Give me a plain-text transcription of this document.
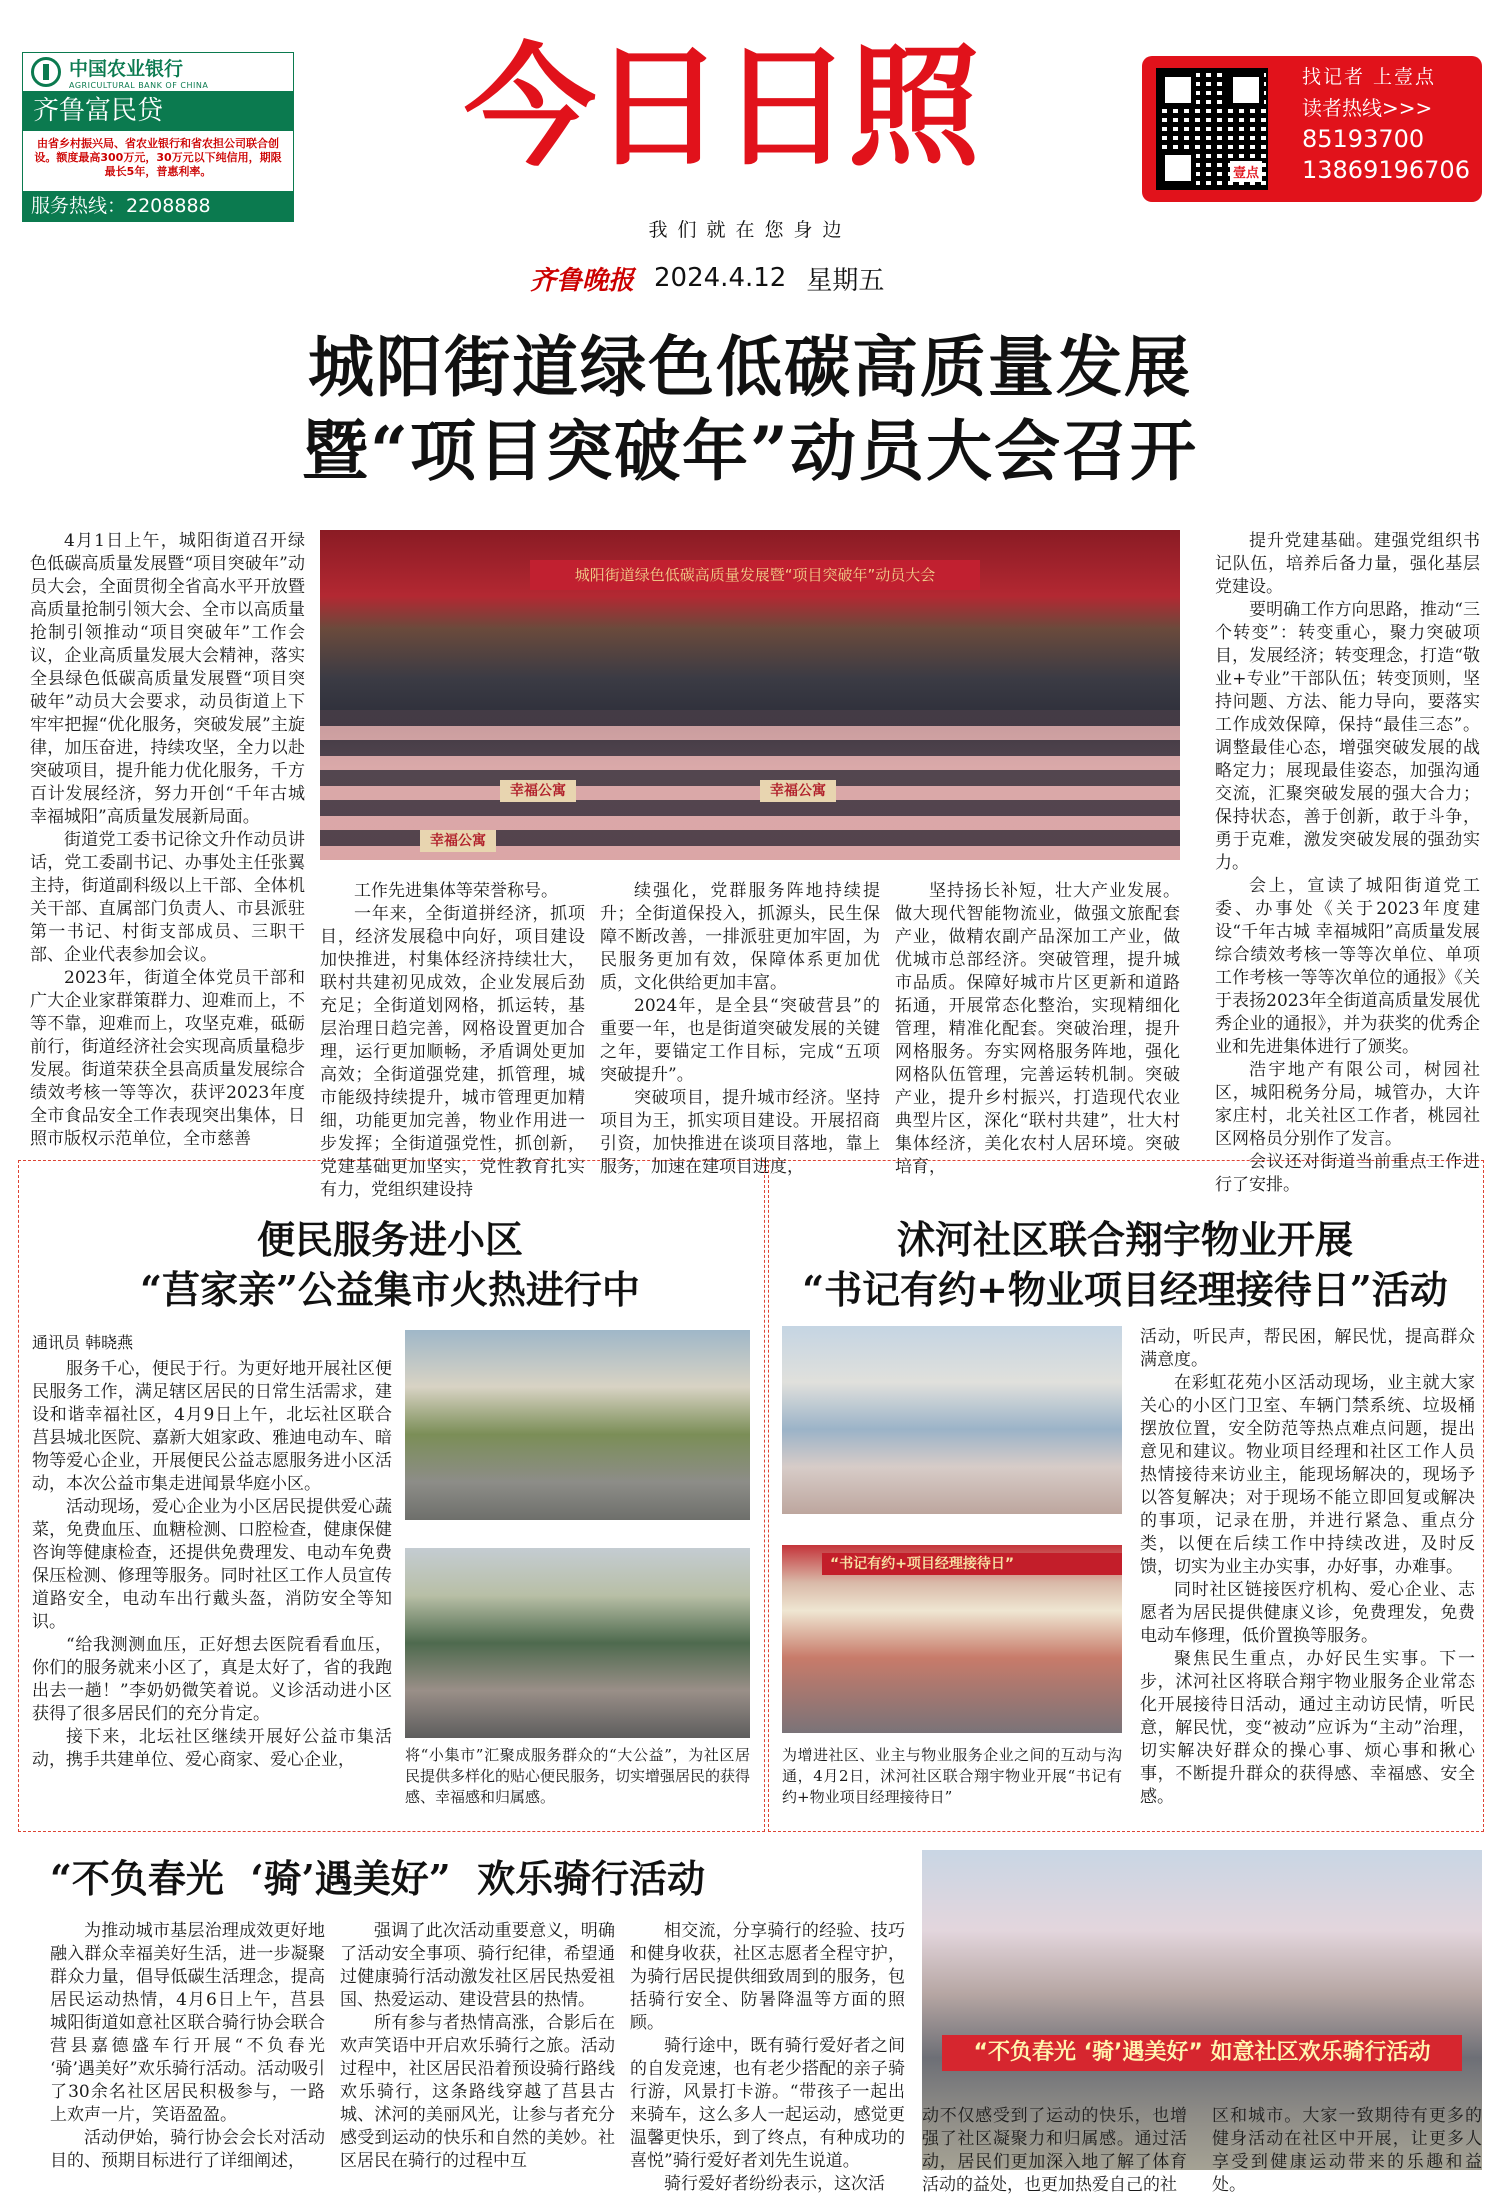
中国农业银行
AGRICULTURAL BANK OF CHINA
齐鲁富民贷
由省乡村振兴局、省农业银行和省农担公司联合创设。额度最高300万元，30万元以下纯信用，期限最长5年，普惠利率。
服务热线：2208888
今日日照
我们就在您身边
齐鲁晚报 2024.4.12 星期五
壹点
找记者 上壹点
读者热线>>>
85193700
13869196706
城阳街道绿色低碳高质量发展
暨“项目突破年”动员大会召开

4月1日上午，城阳街道召开绿色低碳高质量发展暨“项目突破年”动员大会，全面贯彻全省高水平开放暨高质量抢制引领大会、全市以高质量抢制引领推动“项目突破年”工作会议，企业高质量发展大会精神，落实全县绿色低碳高质量发展暨“项目突破年”动员大会要求，动员街道上下牢牢把握“优化服务，突破发展”主旋律，加压奋进，持续攻坚，全力以赴突破项目，提升能力优化服务，千方百计发展经济，努力开创“千年古城 幸福城阳”高质量发展新局面。

街道党工委书记徐文升作动员讲话，党工委副书记、办事处主任张翼主持，街道副科级以上干部、全体机关干部、直属部门负责人、市县派驻第一书记、村街支部成员、三职干部、企业代表参加会议。

2023年，街道全体党员干部和广大企业家群策群力、迎难而上，不等不靠，迎难而上，攻坚克难，砥砺前行，街道经济社会实现高质量稳步发展。街道荣获全县高质量发展综合绩效考核一等等次，获评2023年度全市食品安全工作表现突出集体，日照市版权示范单位，全市慈善

城阳街道绿色低碳高质量发展暨“项目突破年”动员大会
幸福公寓	幸福公寓
幸福公寓

工作先进集体等荣誉称号。

一年来，全街道拼经济，抓项目，经济发展稳中向好，项目建设加快推进，村集体经济持续壮大，联村共建初见成效，企业发展后劲充足；全街道划网格，抓运转，基层治理日趋完善，网格设置更加合理，运行更加顺畅，矛盾调处更加高效；全街道强党建，抓管理，城市能级持续提升，城市管理更加精细，功能更加完善，物业作用进一步发挥；全街道强党性，抓创新，党建基础更加坚实，党性教育扎实有力，党组织建设持

续强化，党群服务阵地持续提升；全街道保投入，抓源头，民生保障不断改善，一排派驻更加牢固，为民服务更加有效，保障体系更加优质，文化供给更加丰富。

2024年，是全县“突破营县”的重要一年，也是街道突破发展的关键之年，要锚定工作目标，完成“五项突破提升”。

突破项目，提升城市经济。坚持项目为王，抓实项目建设。开展招商引资，加快推进在谈项目落地，靠上服务，加速在建项目进度，

坚持扬长补短，壮大产业发展。做大现代智能物流业，做强文旅配套产业，做精农副产品深加工产业，做优城市总部经济。突破管理，提升城市品质。保障好城市片区更新和道路拓通，开展常态化整治，实现精细化管理，精准化配套。突破治理，提升网格服务。夯实网格服务阵地，强化网格队伍管理，完善运转机制。突破产业，提升乡村振兴，打造现代农业典型片区，深化“联村共建”，壮大村集体经济，美化农村人居环境。突破培育，

提升党建基础。建强党组织书记队伍，培养后备力量，强化基层党建设。

要明确工作方向思路，推动“三个转变”：转变重心，聚力突破项目，发展经济；转变理念，打造“敬业+专业”干部队伍；转变顶则，坚持问题、方法、能力导向，要落实工作成效保障，保持“最佳三态”。调整最佳心态，增强突破发展的战略定力；展现最佳姿态，加强沟通交流，汇聚突破发展的强大合力；保持状态，善于创新，敢于斗争，勇于克难，激发突破发展的强劲实力。

会上，宣读了城阳街道党工委、办事处《关于2023年度建设“千年古城 幸福城阳”高质量发展综合绩效考核一等等次单位、单项工作考核一等等次单位的通报》《关于表扬2023年全街道高质量发展优秀企业的通报》，并为获奖的优秀企业和先进集体进行了颁奖。

浩宇地产有限公司，树园社区，城阳税务分局，城管办，大许家庄村，北关社区工作者，桃园社区网格员分别作了发言。

会议还对街道当前重点工作进行了安排。

便民服务进小区
“莒家亲”公益集市火热进行中
通讯员 韩晓燕

服务千心，便民于行。为更好地开展社区便民服务工作，满足辖区居民的日常生活需求，建设和谐幸福社区，4月9日上午，北坛社区联合莒县城北医院、嘉新大姐家政、雅迪电动车、暗物等爱心企业，开展便民公益志愿服务进小区活动，本次公益市集走进闻景华庭小区。

活动现场，爱心企业为小区居民提供爱心蔬菜，免费血压、血糖检测、口腔检查，健康保健咨询等健康检查，还提供免费理发、电动车免费保压检测、修理等服务。同时社区工作人员宣传道路安全，电动车出行戴头盔，消防安全等知识。

“给我测测血压，正好想去医院看看血压，你们的服务就来小区了，真是太好了，省的我跑出去一趟！”李奶奶微笑着说。义诊活动进小区获得了很多居民们的充分肯定。

接下来，北坛社区继续开展好公益市集活动，携手共建单位、爱心商家、爱心企业，	将“小集市”汇聚成服务群众的“大公益”，为社区居民提供多样化的贴心便民服务，切实增强居民的获得感、幸福感和归属感。
沭河社区联合翔宇物业开展
“书记有约+物业项目经理接待日”活动
“书记有约+项目经理接待日”
为增进社区、业主与物业服务企业之间的互动与沟通，4月2日，沭河社区联合翔宇物业开展“书记有约+物业项目经理接待日”

活动，听民声，帮民困，解民忧，提高群众满意度。

在彩虹花苑小区活动现场，业主就大家关心的小区门卫室、车辆门禁系统、垃圾桶摆放位置，安全防范等热点难点问题，提出意见和建议。物业项目经理和社区工作人员热情接待来访业主，能现场解决的，现场予以答复解决；对于现场不能立即回复或解决的事项，记录在册，并进行紧急、重点分类，以便在后续工作中持续改进，及时反馈，切实为业主办实事，办好事，办难事。

同时社区链接医疗机构、爱心企业、志愿者为居民提供健康义诊，免费理发，免费电动车修理，低价置换等服务。

聚焦民生重点，办好民生实事。下一步，沭河社区将联合翔宇物业服务企业常态化开展接待日活动，通过主动访民情，听民意，解民忧，变“被动”应诉为“主动”治理，切实解决好群众的操心事、烦心事和揪心事，不断提升群众的获得感、幸福感、安全感。

“不负春光  ‘骑’遇美好”  欢乐骑行活动

为推动城市基层治理成效更好地融入群众幸福美好生活，进一步凝聚群众力量，倡导低碳生活理念，提高居民运动热情，4月6日上午，莒县城阳街道如意社区联合骑行协会联合营县嘉德盛车行开展“不负春光 ‘骑’遇美好”欢乐骑行活动。活动吸引了30余名社区居民积极参与，一路上欢声一片，笑语盈盈。

活动伊始，骑行协会会长对活动目的、预期目标进行了详细阐述，

强调了此次活动重要意义，明确了活动安全事项、骑行纪律，希望通过健康骑行活动激发社区居民热爱祖国、热爱运动、建设营县的热情。

所有参与者热情高涨，合影后在欢声笑语中开启欢乐骑行之旅。活动过程中，社区居民沿着预设骑行路线欢乐骑行，这条路线穿越了莒县古城、沭河的美丽风光，让参与者充分感受到运动的快乐和自然的美妙。社区居民在骑行的过程中互

相交流，分享骑行的经验、技巧和健身收获，社区志愿者全程守护，为骑行居民提供细致周到的服务，包括骑行安全、防暑降温等方面的照顾。

骑行途中，既有骑行爱好者之间的自发竞速，也有老少搭配的亲子骑行游，风景打卡游。“带孩子一起出来骑车，这么多人一起运动，感觉更温馨更快乐，到了终点，有种成功的喜悦”骑行爱好者刘先生说道。

骑行爱好者纷纷表示，这次活

“不负春光 ‘骑’遇美好” 如意社区欢乐骑行活动

动不仅感受到了运动的快乐，也增强了社区凝聚力和归属感。通过活动，居民们更加深入地了解了体育活动的益处，也更加热爱自己的社

区和城市。大家一致期待有更多的健身活动在社区中开展，让更多人享受到健康运动带来的乐趣和益处。
